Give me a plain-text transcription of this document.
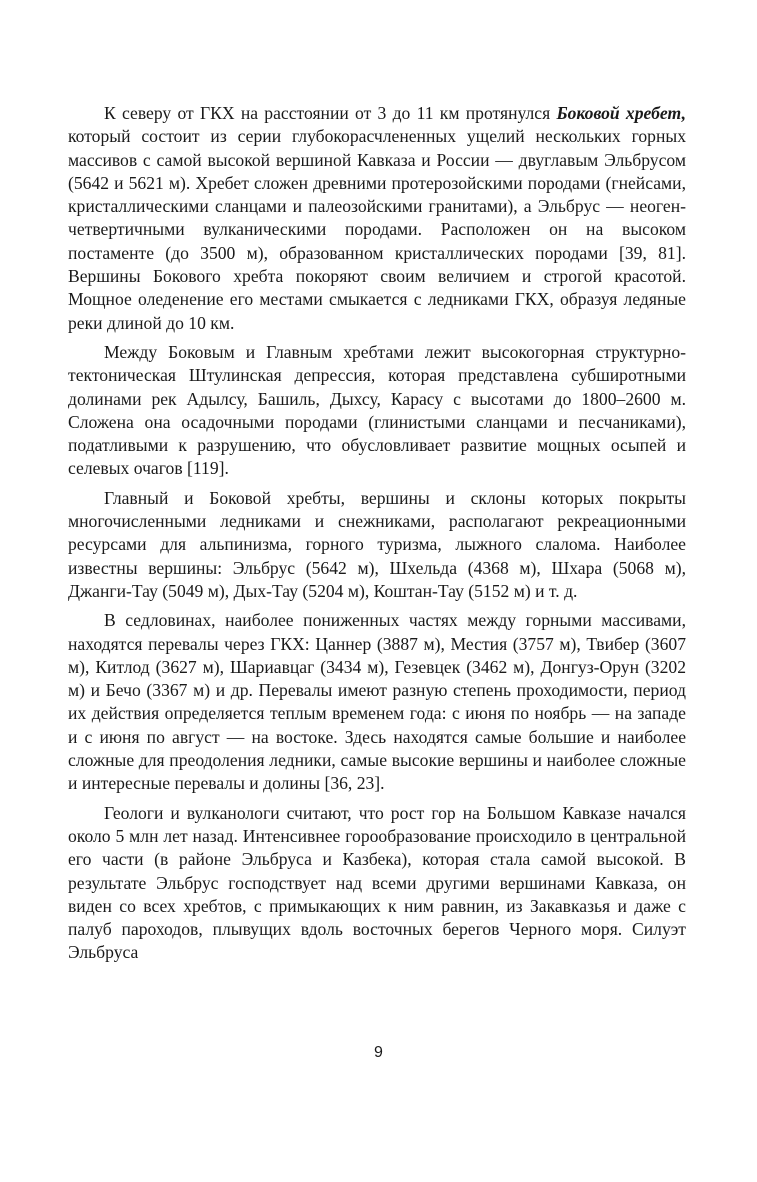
К северу от ГКХ на расстоянии от 3 до 11 км протянулся Боковой хребет, который состоит из серии глубокорасчлененных ущелий нескольких горных массивов с самой высокой вершиной Кавказа и России — двуглавым Эльбрусом (5642 и 5621 м). Хребет сложен древними протерозойскими породами (гнейсами, кристаллическими сланцами и палеозойскими гранитами), а Эльбрус — неоген-четвертичными вулканическими породами. Расположен он на высоком постаменте (до 3500 м), образованном кристаллических породами [39, 81]. Вершины Бокового хребта покоряют своим величием и строгой красотой. Мощное оледенение его местами смыкается с ледниками ГКХ, образуя ледяные реки длиной до 10 км.

Между Боковым и Главным хребтами лежит высокогорная структурно-тектоническая Штулинская депрессия, которая представлена субширотными долинами рек Адылсу, Башиль, Дыхсу, Карасу с высотами до 1800–2600 м. Сложена она осадочными породами (глинистыми сланцами и песчаниками), податливыми к разрушению, что обусловливает развитие мощных осыпей и селевых очагов [119].

Главный и Боковой хребты, вершины и склоны которых покрыты многочисленными ледниками и снежниками, располагают рекреационными ресурсами для альпинизма, горного туризма, лыжного слалома. Наиболее известны вершины: Эльбрус (5642 м), Шхельда (4368 м), Шхара (5068 м), Джанги-Тау (5049 м), Дых-Тау (5204 м), Коштан-Тау (5152 м) и т. д.

В седловинах, наиболее пониженных частях между горными массивами, находятся перевалы через ГКХ: Цаннер (3887 м), Местия (3757 м), Твибер (3607 м), Китлод (3627 м), Шариавцаг (3434 м), Гезевцек (3462 м), Донгуз-Орун (3202 м) и Бечо (3367 м) и др. Перевалы имеют разную степень проходимости, период их действия определяется теплым временем года: с июня по ноябрь — на западе и с июня по август — на востоке. Здесь находятся самые большие и наиболее сложные для преодоления ледники, самые высокие вершины и наиболее сложные и интересные перевалы и долины [36, 23].

Геологи и вулканологи считают, что рост гор на Большом Кавказе начался около 5 млн лет назад. Интенсивнее горообразование происходило в центральной его части (в районе Эльбруса и Казбека), которая стала самой высокой. В результате Эльбрус господствует над всеми другими вершинами Кавказа, он виден со всех хребтов, с примыкающих к ним равнин, из Закавказья и даже с палуб пароходов, плывущих вдоль восточных берегов Черного моря. Силуэт Эльбруса

9
